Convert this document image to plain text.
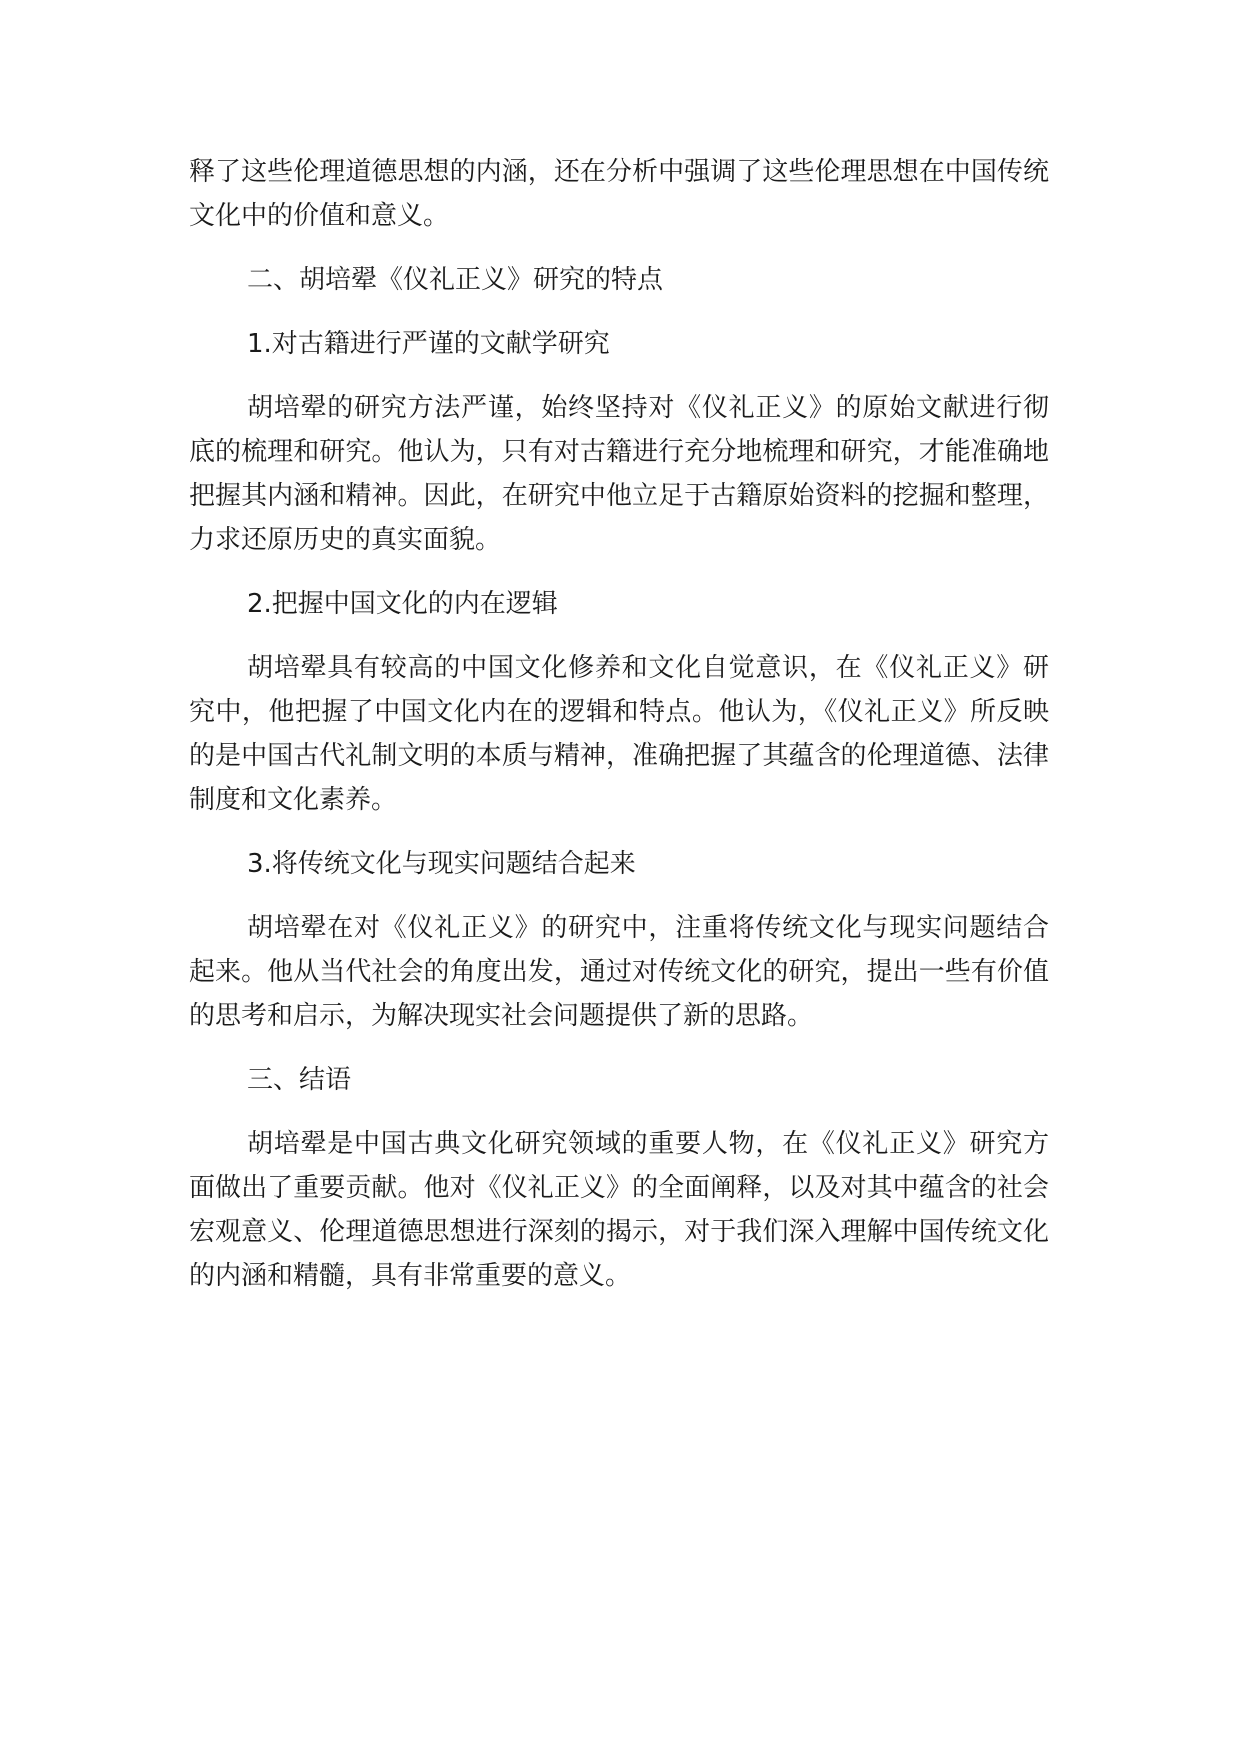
释了这些伦理道德思想的内涵，还在分析中强调了这些伦理思想在中国传统文化中的价值和意义。

二、胡培翚《仪礼正义》研究的特点

1.对古籍进行严谨的文献学研究

胡培翚的研究方法严谨，始终坚持对《仪礼正义》的原始文献进行彻底的梳理和研究。他认为，只有对古籍进行充分地梳理和研究，才能准确地把握其内涵和精神。因此，在研究中他立足于古籍原始资料的挖掘和整理，力求还原历史的真实面貌。

2.把握中国文化的内在逻辑

胡培翚具有较高的中国文化修养和文化自觉意识，在《仪礼正义》研究中，他把握了中国文化内在的逻辑和特点。他认为，《仪礼正义》所反映的是中国古代礼制文明的本质与精神，准确把握了其蕴含的伦理道德、法律制度和文化素养。

3.将传统文化与现实问题结合起来

胡培翚在对《仪礼正义》的研究中，注重将传统文化与现实问题结合起来。他从当代社会的角度出发，通过对传统文化的研究，提出一些有价值的思考和启示，为解决现实社会问题提供了新的思路。

三、结语

胡培翚是中国古典文化研究领域的重要人物，在《仪礼正义》研究方面做出了重要贡献。他对《仪礼正义》的全面阐释，以及对其中蕴含的社会宏观意义、伦理道德思想进行深刻的揭示，对于我们深入理解中国传统文化的内涵和精髓，具有非常重要的意义。
